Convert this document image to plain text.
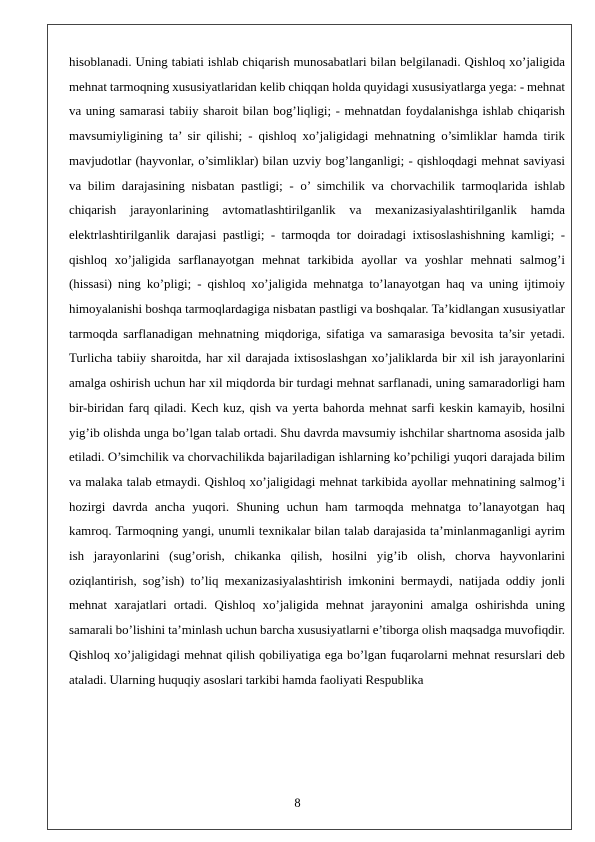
hisoblanadi. Uning tabiati ishlab chiqarish munosabatlari bilan belgilanadi. Qishloq xo’jaligida mehnat tarmoqning xususiyatlaridan kelib chiqqan holda quyidagi xususiyatlarga yega: - mehnat va uning samarasi tabiiy sharoit bilan bog’liqligi; - mehnatdan foydalanishga ishlab chiqarish mavsumiyligining ta’ sir qilishi; - qishloq xo’jaligidagi mehnatning o’simliklar hamda tirik mavjudotlar (hayvonlar, o’simliklar) bilan uzviy bog’langanligi; - qishloqdagi mehnat saviyasi va bilim darajasining nisbatan pastligi; - o’ simchilik va chorvachilik tarmoqlarida ishlab chiqarish jarayonlarining avtomatlashtirilganlik va mexanizasiyalashtirilganlik hamda elektrlashtirilganlik darajasi pastligi; - tarmoqda tor doiradagi ixtisoslashishning kamligi; - qishloq xo’jaligida sarflanayotgan mehnat tarkibida ayollar va yoshlar mehnati salmog’i (hissasi) ning ko’pligi; - qishloq xo’jaligida mehnatga to’lanayotgan haq va uning ijtimoiy himoyalanishi boshqa tarmoqlardagiga nisbatan pastligi va boshqalar. Ta’kidlangan xususiyatlar tarmoqda sarflanadigan mehnatning miqdoriga, sifatiga va samarasiga bevosita ta’sir yetadi. Turlicha tabiiy sharoitda, har xil darajada ixtisoslashgan xo’jaliklarda bir xil ish jarayonlarini amalga oshirish uchun har xil miqdorda bir turdagi mehnat sarflanadi, uning samaradorligi ham bir-biridan farq qiladi. Kech kuz, qish va yerta bahorda mehnat sarfi keskin kamayib, hosilni yig’ib olishda unga bo’lgan talab ortadi. Shu davrda mavsumiy ishchilar shartnoma asosida jalb etiladi. O’simchilik va chorvachilikda bajariladigan ishlarning ko’pchiligi yuqori darajada bilim va malaka talab etmaydi. Qishloq xo’jaligidagi mehnat tarkibida ayollar mehnatining salmog’i hozirgi davrda ancha yuqori. Shuning uchun ham tarmoqda mehnatga to’lanayotgan haq kamroq. Tarmoqning yangi, unumli texnikalar bilan talab darajasida ta’minlanmaganligi ayrim ish jarayonlarini (sug’orish, chikanka qilish, hosilni yig’ib olish, chorva hayvonlarini oziqlantirish, sog’ish) to’liq mexanizasiyalashtirish imkonini bermaydi, natijada oddiy jonli mehnat xarajatlari ortadi. Qishloq xo’jaligida mehnat jarayonini amalga oshirishda uning samarali bo’lishini ta’minlash uchun barcha xususiyatlarni e’tiborga olish maqsadga muvofiqdir. Qishloq xo’jaligidagi mehnat qilish qobiliyatiga ega bo’lgan fuqarolarni mehnat resurslari deb ataladi. Ularning huquqiy asoslari tarkibi hamda faoliyati Respublika

8
